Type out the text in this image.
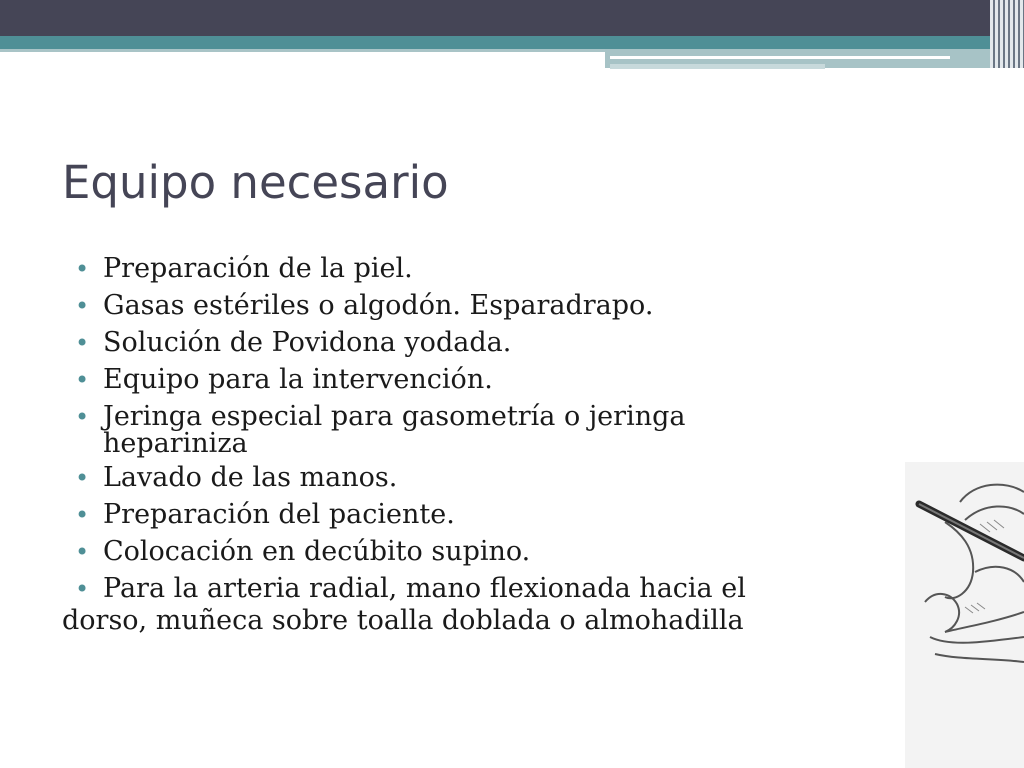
Equipo necesario
• Preparación de la piel.
• Gasas estériles o algodón. Esparadrapo.
• Solución de Povidona yodada.
• Equipo para la intervención.
• Jeringa especial para gasometría o jeringa
hepariniza
• Lavado de las manos.
• Preparación del paciente.
• Colocación en decúbito supino.
• Para la arteria radial, mano flexionada hacia el
dorso, muñeca sobre toalla doblada o almohadilla
